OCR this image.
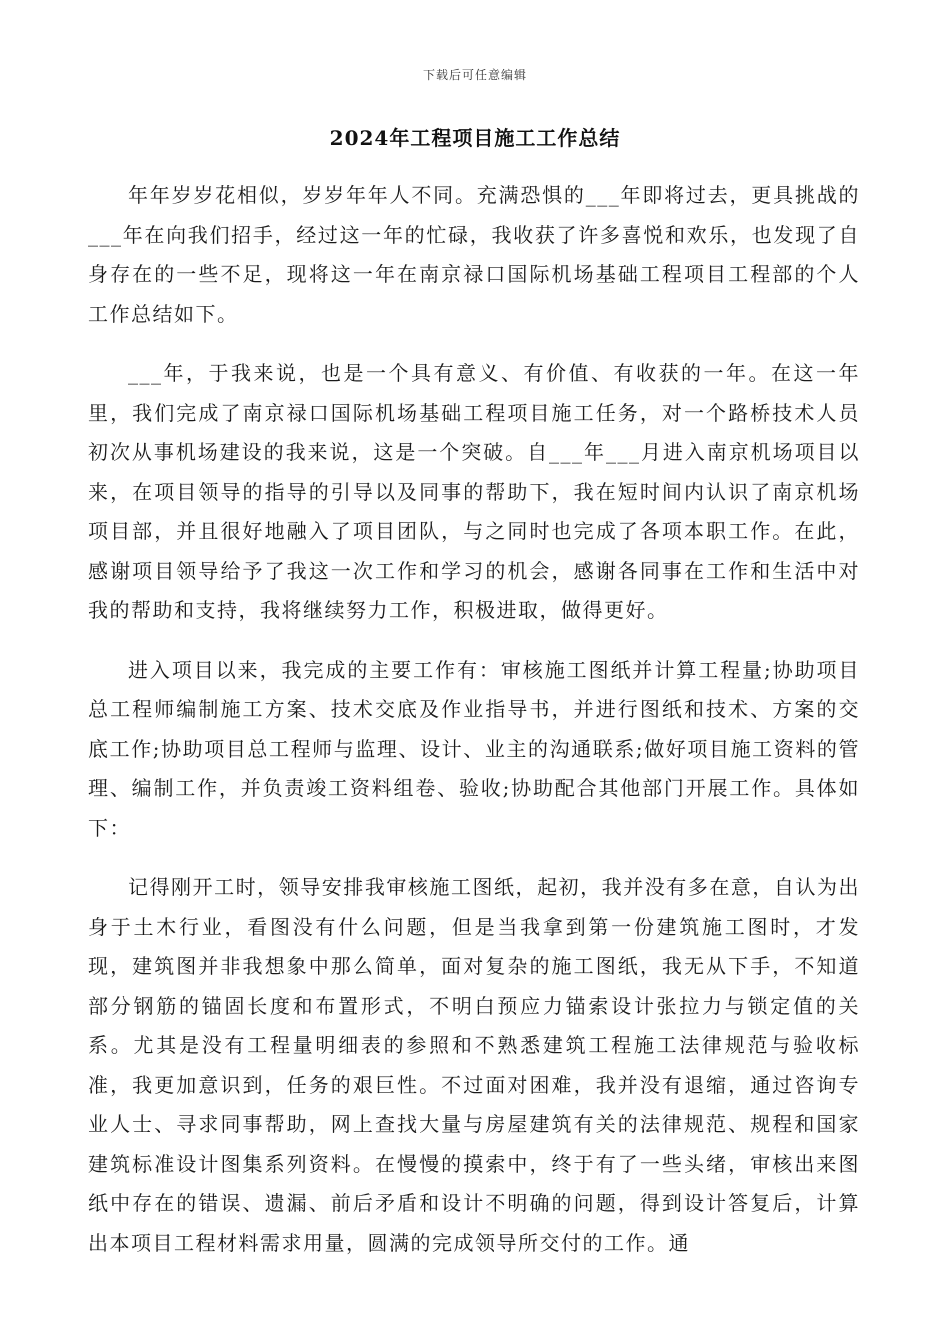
下载后可任意编辑
2024年工程项目施工工作总结

年年岁岁花相似，岁岁年年人不同。充满恐惧的___年即将过去，更具挑战的___年在向我们招手，经过这一年的忙碌，我收获了许多喜悦和欢乐，也发现了自身存在的一些不足，现将这一年在南京禄口国际机场基础工程项目工程部的个人工作总结如下。

___年，于我来说，也是一个具有意义、有价值、有收获的一年。在这一年里，我们完成了南京禄口国际机场基础工程项目施工任务，对一个路桥技术人员初次从事机场建设的我来说，这是一个突破。自___年___月进入南京机场项目以来，在项目领导的指导的引导以及同事的帮助下，我在短时间内认识了南京机场项目部，并且很好地融入了项目团队，与之同时也完成了各项本职工作。在此，感谢项目领导给予了我这一次工作和学习的机会，感谢各同事在工作和生活中对我的帮助和支持，我将继续努力工作，积极进取，做得更好。

进入项目以来，我完成的主要工作有：审核施工图纸并计算工程量;协助项目总工程师编制施工方案、技术交底及作业指导书，并进行图纸和技术、方案的交底工作;协助项目总工程师与监理、设计、业主的沟通联系;做好项目施工资料的管理、编制工作，并负责竣工资料组卷、验收;协助配合其他部门开展工作。具体如下：

记得刚开工时，领导安排我审核施工图纸，起初，我并没有多在意，自认为出身于土木行业，看图没有什么问题，但是当我拿到第一份建筑施工图时，才发现，建筑图并非我想象中那么简单，面对复杂的施工图纸，我无从下手，不知道部分钢筋的锚固长度和布置形式，不明白预应力锚索设计张拉力与锁定值的关系。尤其是没有工程量明细表的参照和不熟悉建筑工程施工法律规范与验收标准，我更加意识到，任务的艰巨性。不过面对困难，我并没有退缩，通过咨询专业人士、寻求同事帮助，网上查找大量与房屋建筑有关的法律规范、规程和国家建筑标准设计图集系列资料。在慢慢的摸索中，终于有了一些头绪，审核出来图纸中存在的错误、遗漏、前后矛盾和设计不明确的问题，得到设计答复后，计算出本项目工程材料需求用量，圆满的完成领导所交付的工作。通
